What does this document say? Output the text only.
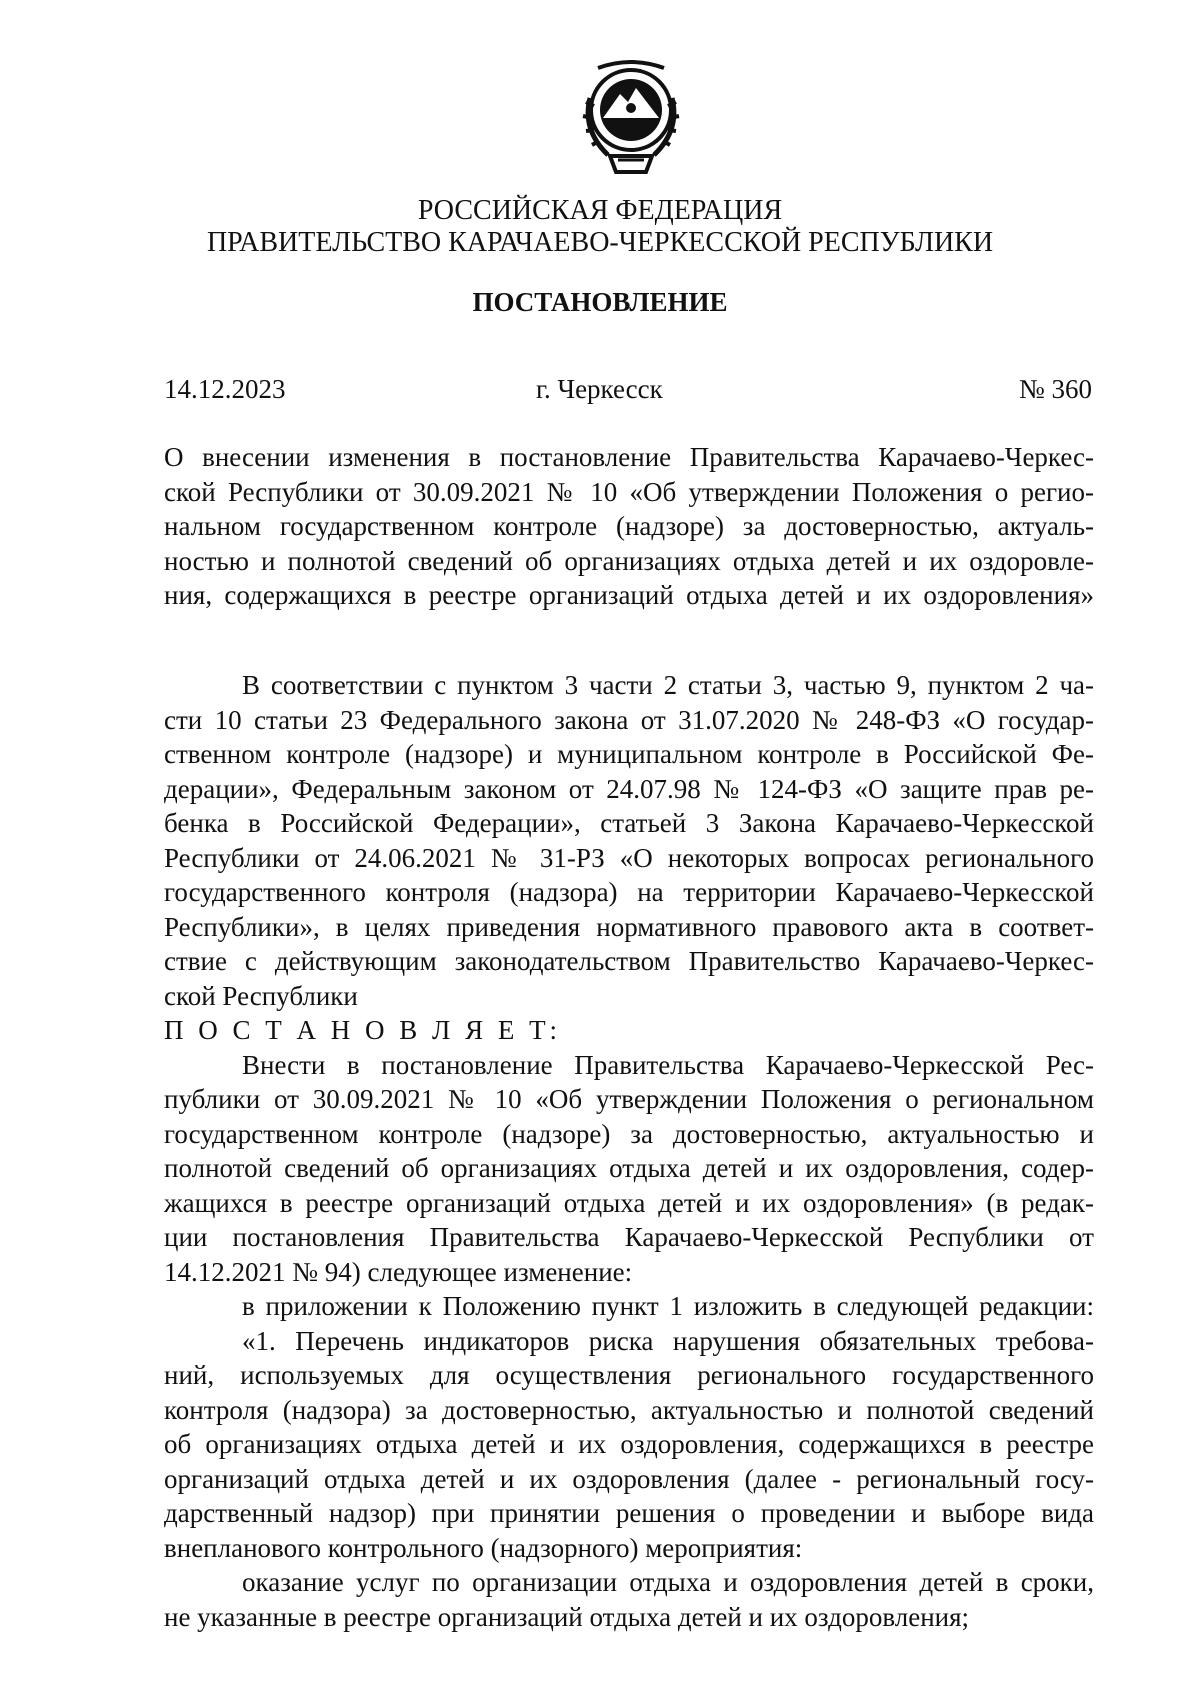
РОССИЙСКАЯ ФЕДЕРАЦИЯ
ПРАВИТЕЛЬСТВО КАРАЧАЕВО-ЧЕРКЕССКОЙ РЕСПУБЛИКИ
ПОСТАНОВЛЕНИЕ
14.12.2023	г. Черкесск	№ 360
О внесении изменения в постановление Правительства Карачаево-Черкес-
ской Республики от 30.09.2021 № 10 «Об утверждении Положения о регио-
нальном государственном контроле (надзоре) за достоверностью, актуаль-
ностью и полнотой сведений об организациях отдыха детей и их оздоровле-
ния, содержащихся в реестре организаций отдыха детей и их оздоровления»
В соответствии с пунктом 3 части 2 статьи 3, частью 9, пунктом 2 ча-
сти 10 статьи 23 Федерального закона от 31.07.2020 № 248-ФЗ «О государ-
ственном контроле (надзоре) и муниципальном контроле в Российской Фе-
дерации», Федеральным законом от 24.07.98 № 124-ФЗ «О защите прав ре-
бенка в Российской Федерации», статьей 3 Закона Карачаево-Черкесской
Республики от 24.06.2021 № 31-РЗ «О некоторых вопросах регионального
государственного контроля (надзора) на территории Карачаево-Черкесской
Республики», в целях приведения нормативного правового акта в соответ-
ствие с действующим законодательством Правительство Карачаево-Черкес-
ской Республики
П О С Т А Н О В Л Я Е Т:
Внести в постановление Правительства Карачаево-Черкесской Рес-
публики от 30.09.2021 № 10 «Об утверждении Положения о региональном
государственном контроле (надзоре) за достоверностью, актуальностью и
полнотой сведений об организациях отдыха детей и их оздоровления, содер-
жащихся в реестре организаций отдыха детей и их оздоровления» (в редак-
ции постановления Правительства Карачаево-Черкесской Республики от
14.12.2021 № 94) следующее изменение:
в приложении к Положению пункт 1 изложить в следующей редакции:
«1. Перечень индикаторов риска нарушения обязательных требова-
ний, используемых для осуществления регионального государственного
контроля (надзора) за достоверностью, актуальностью и полнотой сведений
об организациях отдыха детей и их оздоровления, содержащихся в реестре
организаций отдыха детей и их оздоровления (далее - региональный госу-
дарственный надзор) при принятии решения о проведении и выборе вида
внепланового контрольного (надзорного) мероприятия:
оказание услуг по организации отдыха и оздоровления детей в сроки,
не указанные в реестре организаций отдыха детей и их оздоровления;
